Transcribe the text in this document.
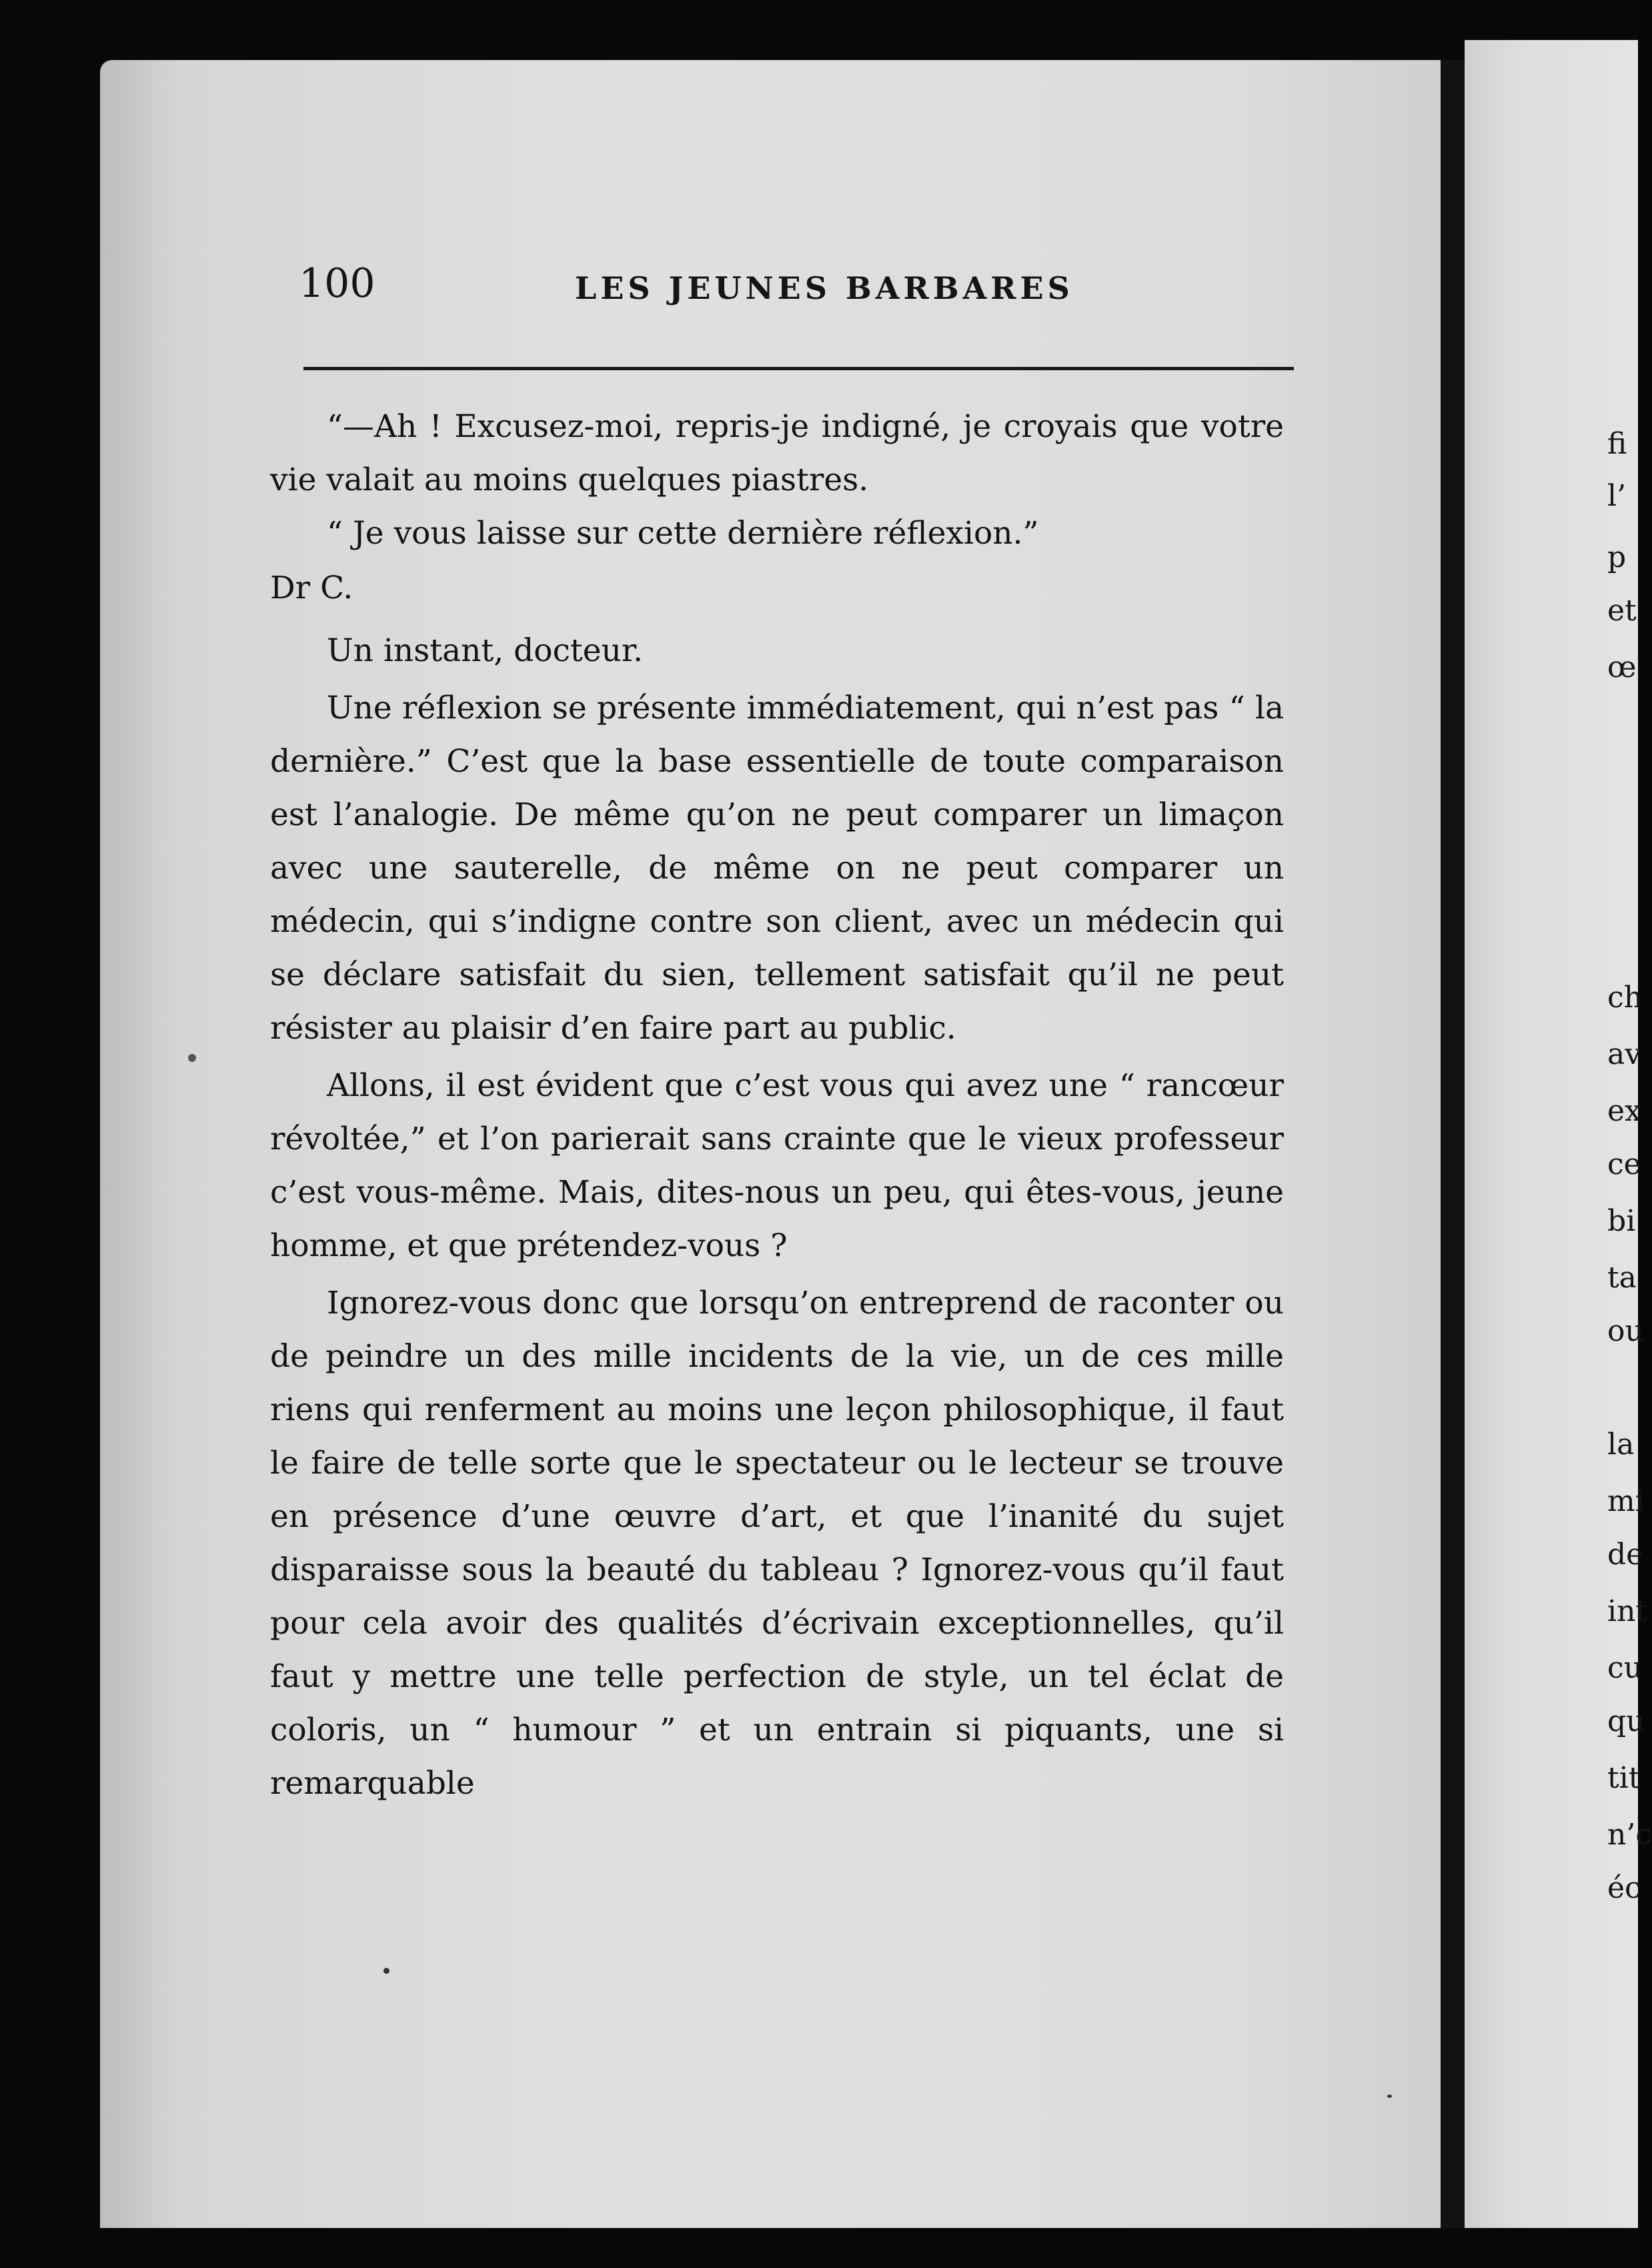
100	LES JEUNES BARBARES

“—Ah ! Excusez-moi, repris-je indigné, je croyais que votre vie valait au moins quelques piastres.

“ Je vous laisse sur cette dernière réflexion.”

Dr C.

Un instant, docteur.

Une réflexion se présente immédiatement, qui n’est pas “ la dernière.” C’est que la base essentielle de toute comparaison est l’analogie. De même qu’on ne peut comparer un limaçon avec une sauterelle, de même on ne peut comparer un médecin, qui s’indigne contre son client, avec un médecin qui se déclare satisfait du sien, tellement satisfait qu’il ne peut résister au plaisir d’en faire part au public.

Allons, il est évident que c’est vous qui avez une “ rancœur révoltée,” et l’on parierait sans crainte que le vieux professeur c’est vous-même. Mais, dites-nous un peu, qui êtes-vous, jeune homme, et que prétendez-vous ?

Ignorez-vous donc que lorsqu’on entreprend de raconter ou de peindre un des mille incidents de la vie, un de ces mille riens qui renferment au moins une leçon philosophique, il faut le faire de telle sorte que le spectateur ou le lecteur se trouve en présence d’une œuvre d’art, et que l’inanité du sujet disparaisse sous la beauté du tableau ? Ignorez-vous qu’il faut pour cela avoir des qualités d’écrivain exceptionnelles, qu’il faut y mettre une telle perfection de style, un tel éclat de coloris, un “ humour ” et un entrain si piquants, une si remarquable

fi
l’
p
et
œ
ch
av
ex
ce
bi
ta
ou
la
mi
de
int
cu
qu
tit
n’c
éc
